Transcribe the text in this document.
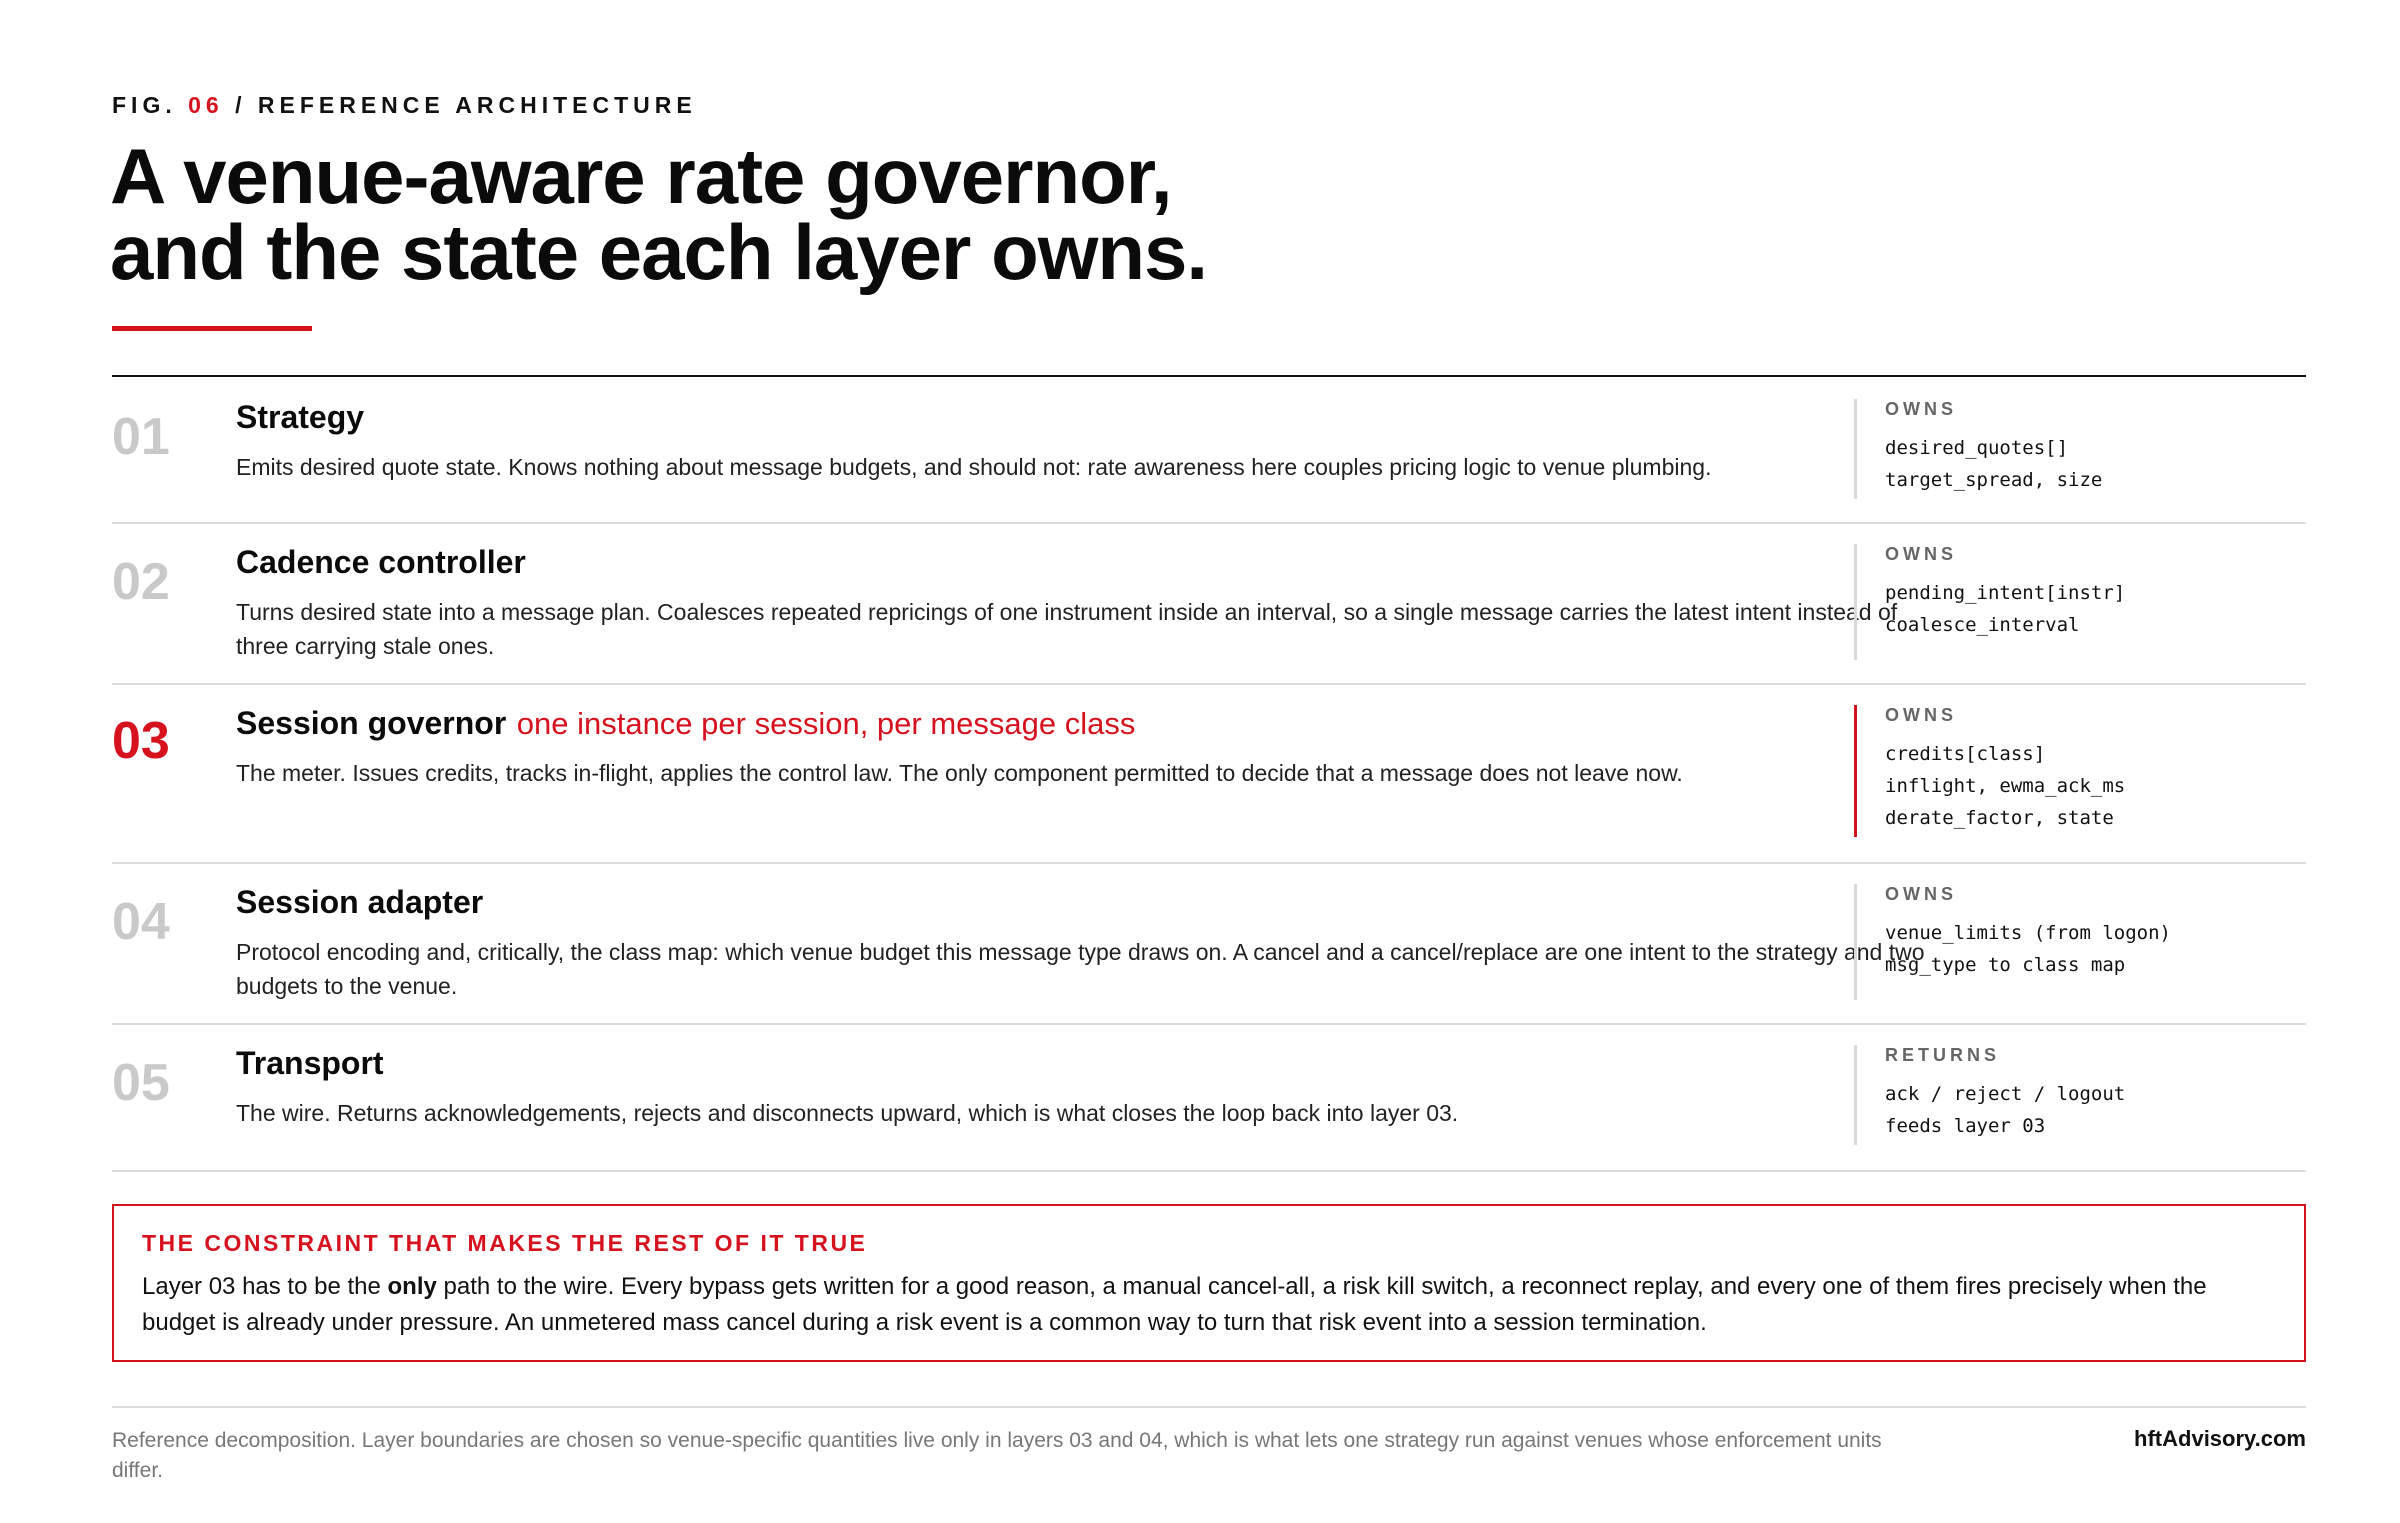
FIG. 06 / REFERENCE ARCHITECTURE
A venue-aware rate governor,
and the state each layer owns.
01 Strategy
Emits desired quote state. Knows nothing about message budgets, and should not: rate awareness here couples pricing logic to venue plumbing.
OWNS
desired_quotes[]
target_spread, size
02 Cadence controller
Turns desired state into a message plan. Coalesces repeated repricings of one instrument inside an interval, so a single message carries the latest intent instead of three carrying stale ones.
OWNS
pending_intent[instr]
coalesce_interval
03 Session governor one instance per session, per message class
The meter. Issues credits, tracks in-flight, applies the control law. The only component permitted to decide that a message does not leave now.
OWNS
credits[class]
inflight, ewma_ack_ms
derate_factor, state
04 Session adapter
Protocol encoding and, critically, the class map: which venue budget this message type draws on. A cancel and a cancel/replace are one intent to the strategy and two budgets to the venue.
OWNS
venue_limits (from logon)
msg_type to class map
05 Transport
The wire. Returns acknowledgements, rejects and disconnects upward, which is what closes the loop back into layer 03.
RETURNS
ack / reject / logout
feeds layer 03
THE CONSTRAINT THAT MAKES THE REST OF IT TRUE
Layer 03 has to be the only path to the wire. Every bypass gets written for a good reason, a manual cancel-all, a risk kill switch, a reconnect replay, and every one of them fires precisely when the budget is already under pressure. An unmetered mass cancel during a risk event is a common way to turn that risk event into a session termination.
Reference decomposition. Layer boundaries are chosen so venue-specific quantities live only in layers 03 and 04, which is what lets one strategy run against venues whose enforcement units differ.
hftAdvisory.com
